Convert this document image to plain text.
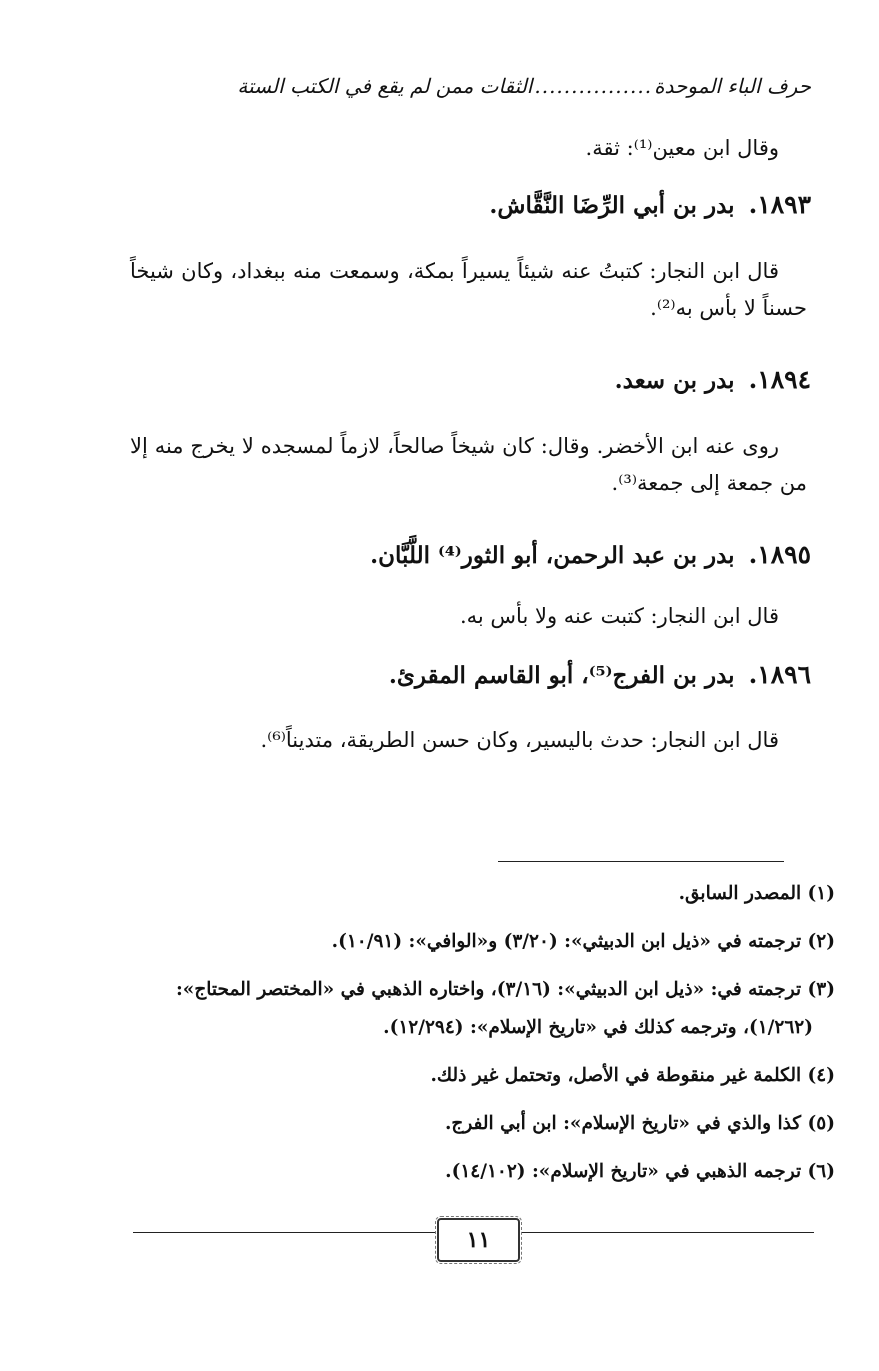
حرف الباء الموحدة
................
الثقات ممن لم يقع في الكتب الستة
وقال ابن معين⁽¹⁾: ثقة.
١٨٩٣.بدر بن أبي الرِّضَا النَّقَّاش.
قال ابن النجار: كتبتُ عنه شيئاً يسيراً بمكة، وسمعت منه ببغداد، وكان شيخاً حسناً لا بأس به⁽²⁾.
١٨٩٤.بدر بن سعد.
روى عنه ابن الأخضر. وقال: كان شيخاً صالحاً، لازماً لمسجده لا يخرج منه إلا من جمعة إلى جمعة⁽³⁾.
١٨٩٥.بدر بن عبد الرحمن، أبو الثور⁽⁴⁾ اللَّبَّان.
قال ابن النجار: كتبت عنه ولا بأس به.
١٨٩٦.بدر بن الفرج⁽⁵⁾، أبو القاسم المقرئ.
قال ابن النجار: حدث باليسير، وكان حسن الطريقة، متديناً⁽⁶⁾.
(١) المصدر السابق.
(٢) ترجمته في «ذيل ابن الدبيثي»: (٣/٢٠) و«الوافي»: (١٠/٩١).
(٣) ترجمته في: «ذيل ابن الدبيثي»: (٣/١٦)، واختاره الذهبي في «المختصر المحتاج»:
(١/٢٦٢)، وترجمه كذلك في «تاريخ الإسلام»: (١٢/٢٩٤).
(٤) الكلمة غير منقوطة في الأصل، وتحتمل غير ذلك.
(٥) كذا والذي في «تاريخ الإسلام»: ابن أبي الفرج.
(٦) ترجمه الذهبي في «تاريخ الإسلام»: (١٤/١٠٢).
١١
